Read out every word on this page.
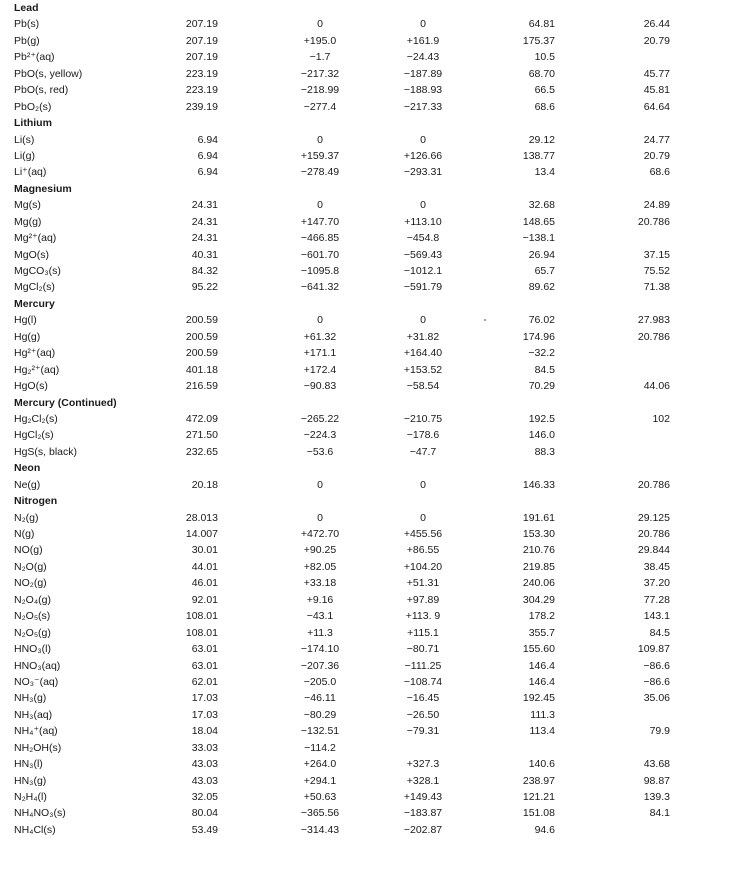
Lead
Pb(s)	207.19	0	0	64.81	26.44
Pb(g)	207.19	+195.0	+161.9	175.37	20.79
Pb²⁺(aq)	207.19	−1.7	−24.43	10.5
PbO(s, yellow)	223.19	−217.32	−187.89	68.70	45.77
PbO(s, red)	223.19	−218.99	−188.93	66.5	45.81
PbO₂(s)	239.19	−277.4	−217.33	68.6	64.64
Lithium
Li(s)	6.94	0	0	29.12	24.77
Li(g)	6.94	+159.37	+126.66	138.77	20.79
Li⁺(aq)	6.94	−278.49	−293.31	13.4	68.6
Magnesium
Mg(s)	24.31	0	0	32.68	24.89
Mg(g)	24.31	+147.70	+113.10	148.65	20.786
Mg²⁺(aq)	24.31	−466.85	−454.8	−138.1
MgO(s)	40.31	−601.70	−569.43	26.94	37.15
MgCO₃(s)	84.32	−1095.8	−1012.1	65.7	75.52
MgCl₂(s)	95.22	−641.32	−591.79	89.62	71.38
Mercury
Hg(l)	200.59	0	0	76.02	27.983
Hg(g)	200.59	+61.32	+31.82	174.96	20.786
Hg²⁺(aq)	200.59	+171.1	+164.40	−32.2
Hg₂²⁺(aq)	401.18	+172.4	+153.52	84.5
HgO(s)	216.59	−90.83	−58.54	70.29	44.06
Mercury (Continued)
Hg₂Cl₂(s)	472.09	−265.22	−210.75	192.5	102
HgCl₂(s)	271.50	−224.3	−178.6	146.0
HgS(s, black)	232.65	−53.6	−47.7	88.3
Neon
Ne(g)	20.18	0	0	146.33	20.786
Nitrogen
N₂(g)	28.013	0	0	191.61	29.125
N(g)	14.007	+472.70	+455.56	153.30	20.786
NO(g)	30.01	+90.25	+86.55	210.76	29.844
N₂O(g)	44.01	+82.05	+104.20	219.85	38.45
NO₂(g)	46.01	+33.18	+51.31	240.06	37.20
N₂O₄(g)	92.01	+9.16	+97.89	304.29	77.28
N₂O₅(s)	108.01	−43.1	+113. 9	178.2	143.1
N₂O₅(g)	108.01	+11.3	+115.1	355.7	84.5
HNO₃(l)	63.01	−174.10	−80.71	155.60	109.87
HNO₃(aq)	63.01	−207.36	−111.25	146.4	−86.6
NO₃⁻(aq)	62.01	−205.0	−108.74	146.4	−86.6
NH₃(g)	17.03	−46.11	−16.45	192.45	35.06
NH₃(aq)	17.03	−80.29	−26.50	111.3
NH₄⁺(aq)	18.04	−132.51	−79.31	113.4	79.9
NH₂OH(s)	33.03	−114.2
HN₃(l)	43.03	+264.0	+327.3	140.6	43.68
HN₃(g)	43.03	+294.1	+328.1	238.97	98.87
N₂H₄(l)	32.05	+50.63	+149.43	121.21	139.3
NH₄NO₃(s)	80.04	−365.56	−183.87	151.08	84.1
NH₄Cl(s)	53.49	−314.43	−202.87	94.6
